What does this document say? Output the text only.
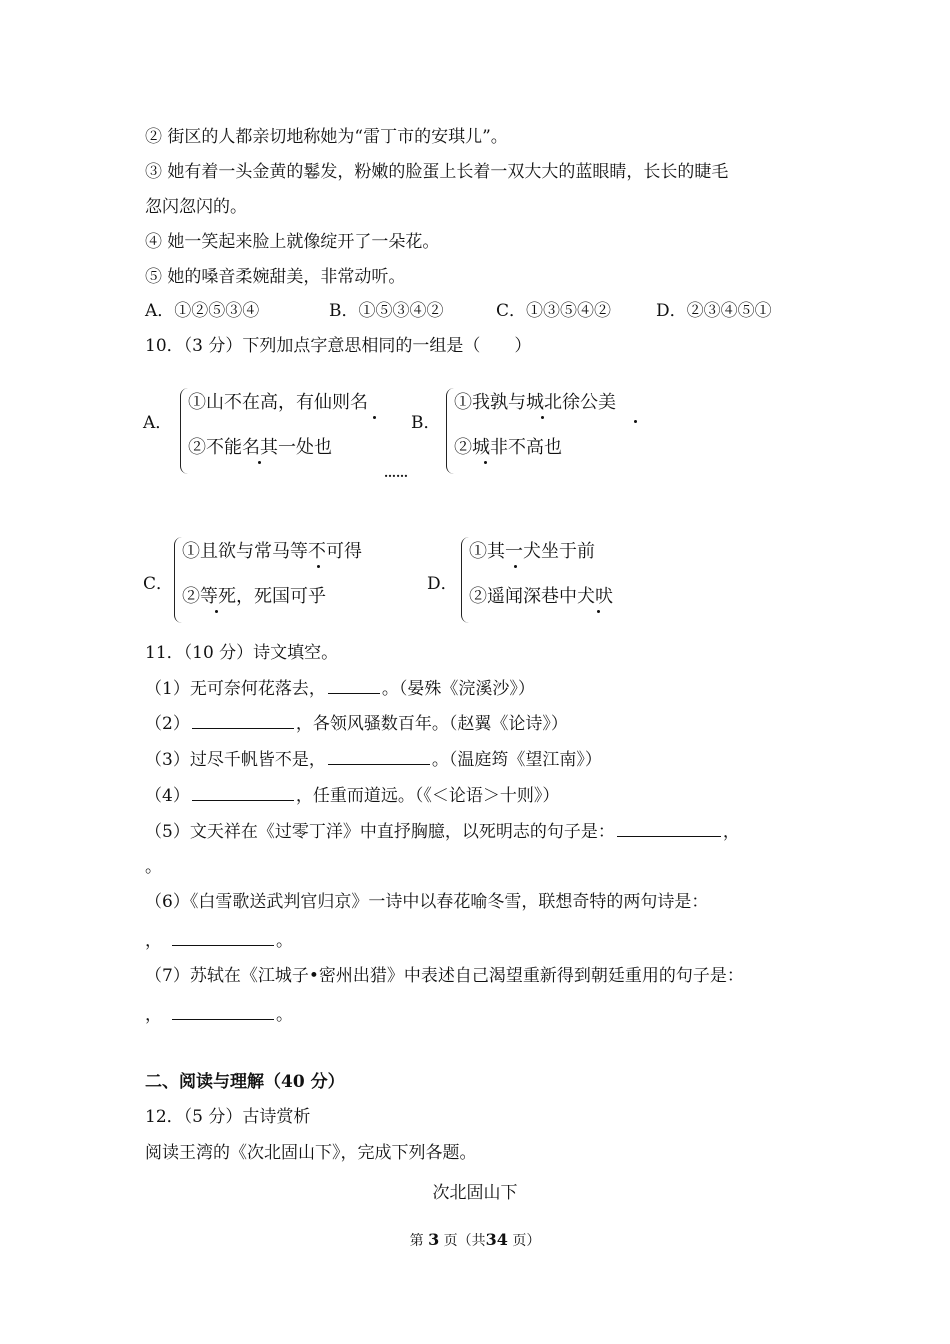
② 街区的人都亲切地称她为“雷丁市的安琪儿”。
③ 她有着一头金黄的鬈发，粉嫩的脸蛋上长着一双大大的蓝眼睛，长长的睫毛
忽闪忽闪的。
④ 她一笑起来脸上就像绽开了一朵花。
⑤ 她的嗓音柔婉甜美，非常动听。
A．①②⑤③④	B．①⑤③④②	C．①③⑤④②	D．②③④⑤①
10．（3 分）下列加点字意思相同的一组是（　　）
A．
①山不在高，有仙则名
②不能名其一处也
……
B．
①我孰与城北徐公美
②城非不高也
C．
①且欲与常马等不可得
②等死，死国可乎
D．
①其一犬坐于前
②遥闻深巷中犬吠
11．（10 分）诗文填空。
（1）无可奈何花落去，	。（晏殊《浣溪沙》）
（2）	，各领风骚数百年。（赵翼《论诗》）
（3）过尽千帆皆不是，	。（温庭筠《望江南》）
（4）	，任重而道远。（《＜论语＞十则》）
（5）文天祥在《过零丁洋》中直抒胸臆，以死明志的句子是：	，
。
（6）《白雪歌送武判官归京》一诗中以春花喻冬雪，联想奇特的两句诗是：
，	。
（7）苏轼在《江城子•密州出猎》中表述自己渴望重新得到朝廷重用的句子是：
，	。
二、阅读与理解（40 分）
12．（5 分）古诗赏析
阅读王湾的《次北固山下》，完成下列各题。
次北固山下
第 3 页（共34 页）
